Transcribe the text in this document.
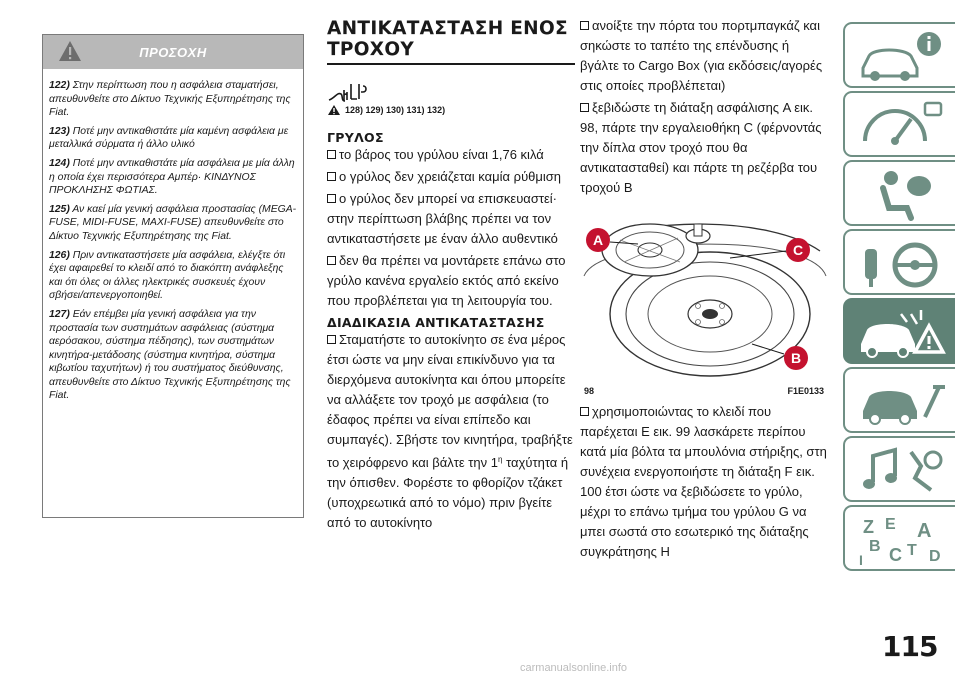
ΠΡΟΣΟΧΗ

122) Στην περίπτωση που η ασφάλεια σταματήσει, απευθυνθείτε στο Δίκτυο Τεχνικής Εξυπηρέτησης της Fiat.

123) Ποτέ μην αντικαθιστάτε μία καμένη ασφάλεια με μεταλλικά σύρματα ή άλλο υλικό

124) Ποτέ μην αντικαθιστάτε μία ασφάλεια με μία άλλη η οποία έχει περισσότερα Αμπέρ· ΚΙΝΔΥΝΟΣ ΠΡΟΚΛΗΣΗΣ ΦΩΤΙΑΣ.

125) Αν καεί μία γενική ασφάλεια προστασίας (MEGA-FUSE, MIDI-FUSE, MAXI-FUSE) απευθυνθείτε στο Δίκτυο Τεχνικής Εξυπηρέτησης της Fiat.

126) Πριν αντικαταστήσετε μία ασφάλεια, ελέγξτε ότι έχει αφαιρεθεί το κλειδί από το διακόπτη ανάφλεξης και ότι όλες οι άλλες ηλεκτρικές συσκευές έχουν σβήσει/απενεργοποιηθεί.

127) Εάν επέμβει μία γενική ασφάλεια για την προστασία των συστημάτων ασφάλειας (σύστημα αερόσακου, σύστημα πέδησης), των συστημάτων κινητήρα-μετάδοσης (σύστημα κινητήρα, σύστημα κιβωτίου ταχυτήτων) ή του συστήματος διεύθυνσης, απευθυνθείτε στο Δίκτυο Τεχνικής Εξυπηρέτησης της Fiat.

ΑΝΤΙΚΑΤΑΣΤΑΣΗ ΕΝΟΣ
ΤΡΟΧΟΥ
128) 129) 130) 131) 132)
ΓΡΥΛΟΣ
το βάρος του γρύλου είναι 1,76 κιλά
ο γρύλος δεν χρειάζεται καμία ρύθμιση
ο γρύλος δεν μπορεί να επισκευαστεί· στην περίπτωση βλάβης πρέπει να τον αντικαταστήσετε με έναν άλλο αυθεντικό
δεν θα πρέπει να μοντάρετε επάνω στο γρύλο κανένα εργαλείο εκτός από εκείνο που προβλέπεται για τη λειτουργία του.
ΔΙΑΔΙΚΑΣΙΑ ΑΝΤΙΚΑΤΑΣΤΑΣΗΣ
Σταματήστε το αυτοκίνητο σε ένα μέρος έτσι ώστε να μην είναι επικίνδυνο για τα διερχόμενα αυτοκίνητα και όπου μπορείτε να αλλάξετε τον τροχό με ασφάλεια (το έδαφος πρέπει να είναι επίπεδο και συμπαγές). Σβήστε τον κινητήρα, τραβήξτε το χειρόφρενο και βάλτε την $1^\eta$ ταχύτητα ή την όπισθεν. Φορέστε το φθορίζον τζάκετ (υποχρεωτικά από το νόμο) πριν βγείτε από το αυτοκίνητο
ανοίξτε την πόρτα του πορτμπαγκάζ και σηκώστε το ταπέτο της επένδυσης ή βγάλτε το Cargo Box (για εκδόσεις/αγορές στις οποίες προβλέπεται)
ξεβιδώστε τη διάταξη ασφάλισης A εικ. 98, πάρτε την εργαλειοθήκη C (φέρνοντάς την δίπλα στον τροχό που θα αντικατασταθεί) και πάρτε τη ρεζέρβα του τροχού B
A
C
B
98	F1E0133
χρησιμοποιώντας το κλειδί που παρέχεται E εικ. 99 λασκάρετε περίπου κατά μία βόλτα τα μπουλόνια στήριξης, στη συνέχεια ενεργοποιήστε τη διάταξη F εικ. 100 έτσι ώστε να ξεβιδώσετε το γρύλο, μέχρι το επάνω τμήμα του γρύλου G να μπει σωστά στο εσωτερικό της διάταξης συγκράτησης H
Z E A
B C T D
I
115
carmanualsonline.info
